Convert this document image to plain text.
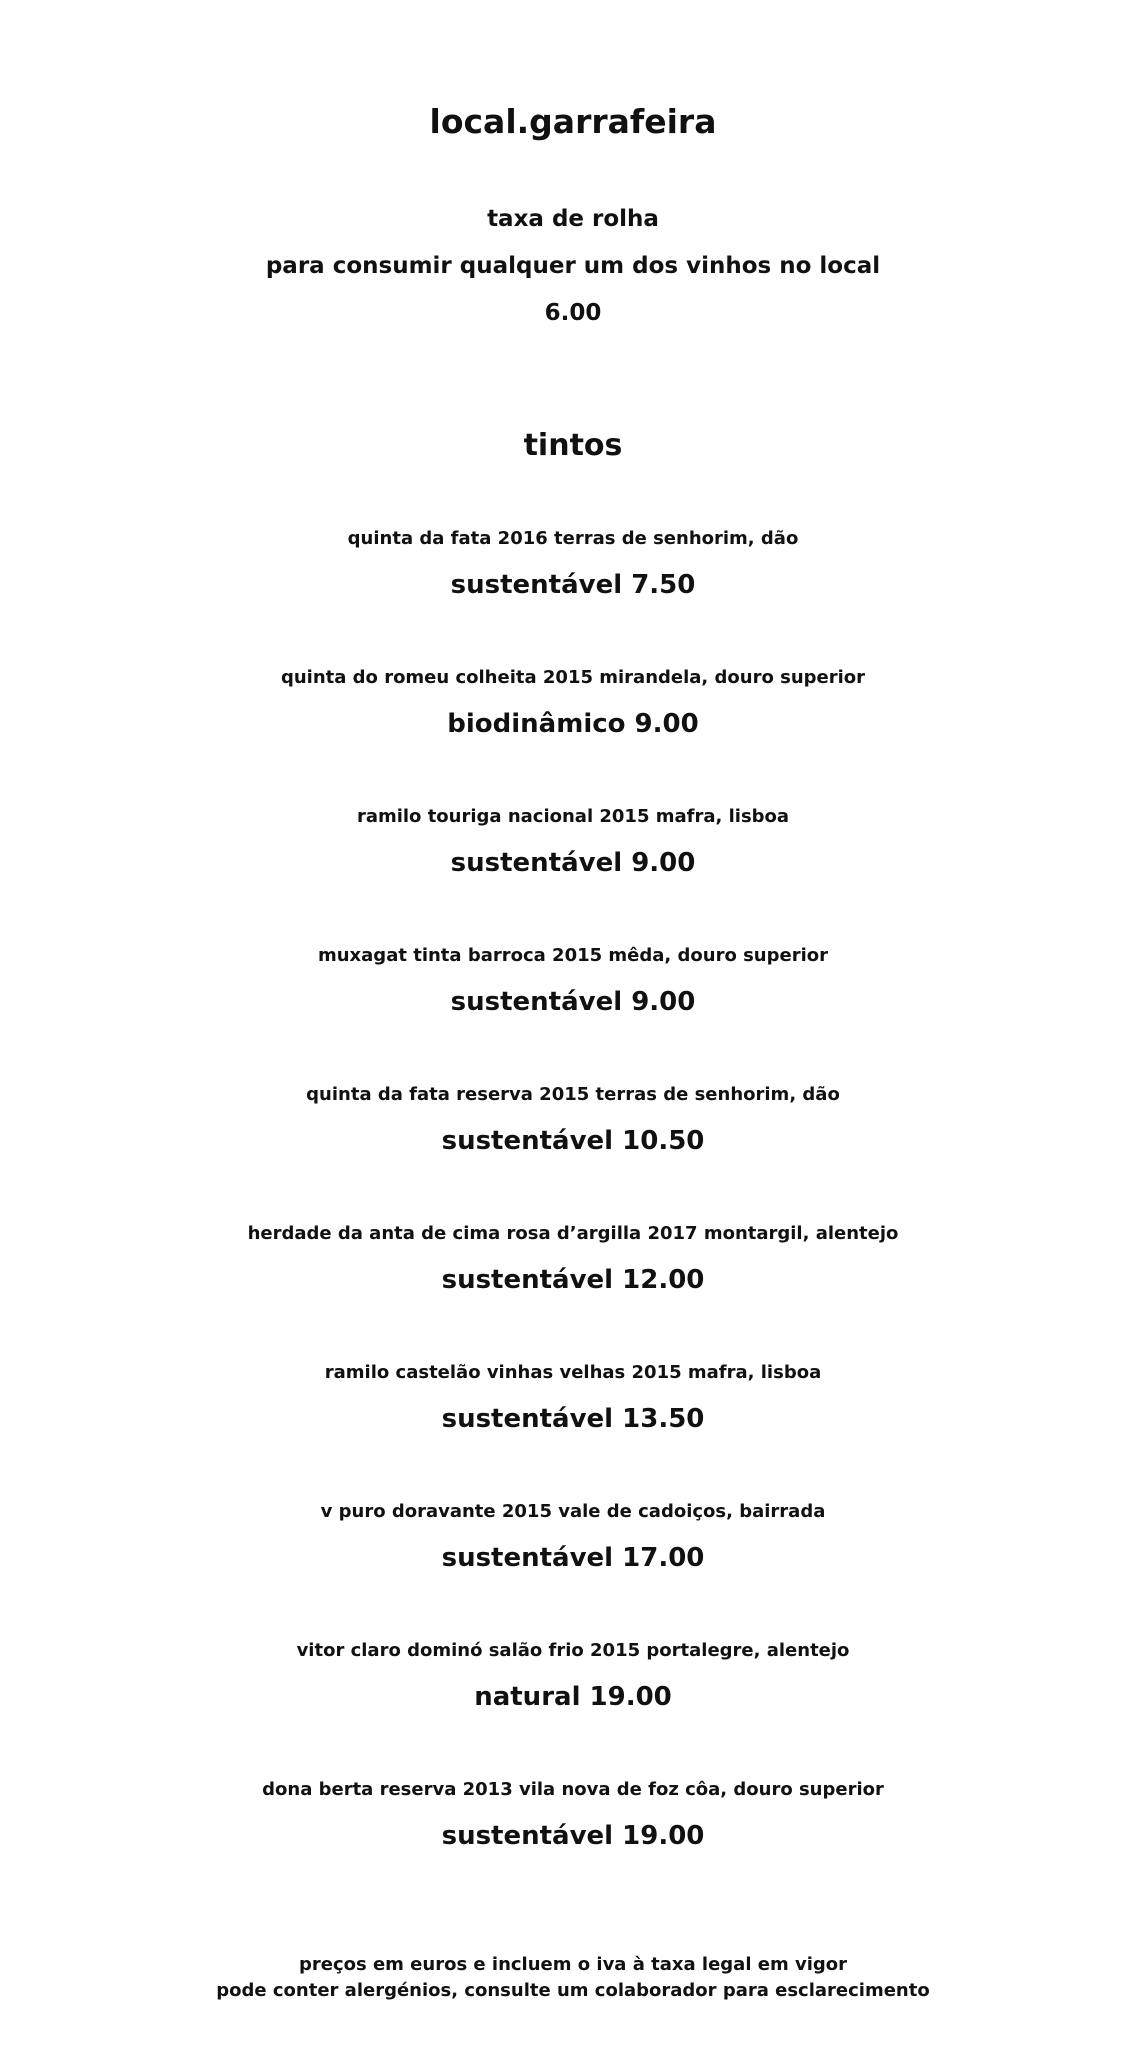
local.garrafeira
taxa de rolha
para consumir qualquer um dos vinhos no local
6.00
tintos
quinta da fata 2016 terras de senhorim, dão
sustentável 7.50
quinta do romeu colheita 2015 mirandela, douro superior
biodinâmico 9.00
ramilo touriga nacional 2015 mafra, lisboa
sustentável 9.00
muxagat tinta barroca 2015 mêda, douro superior
sustentável 9.00
quinta da fata reserva 2015 terras de senhorim, dão
sustentável 10.50
herdade da anta de cima rosa d’argilla 2017 montargil, alentejo
sustentável 12.00
ramilo castelão vinhas velhas 2015 mafra, lisboa
sustentável 13.50
v puro doravante 2015 vale de cadoiços, bairrada
sustentável 17.00
vitor claro dominó salão frio 2015 portalegre, alentejo
natural 19.00
dona berta reserva 2013 vila nova de foz côa, douro superior
sustentável 19.00
preços em euros e incluem o iva à taxa legal em vigor
pode conter alergénios, consulte um colaborador para esclarecimento
